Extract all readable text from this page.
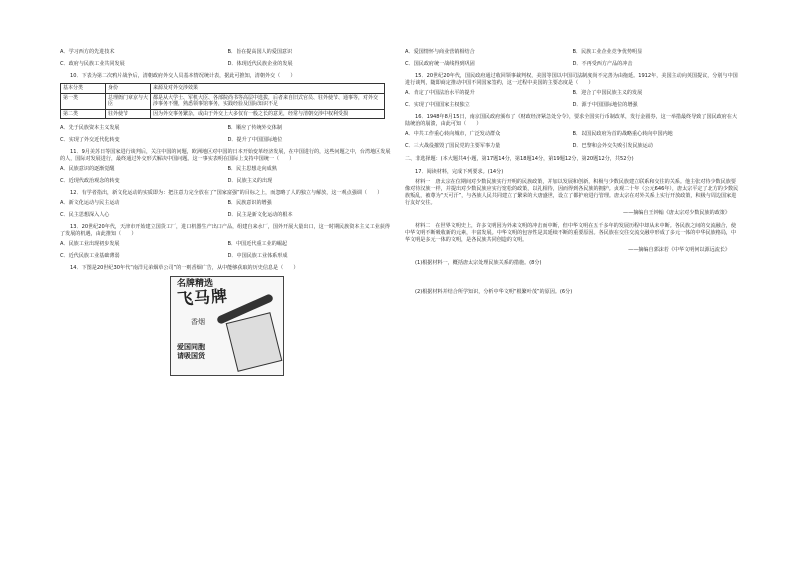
A．学习西方的先进技术	B．旨在提高国人的爱国意识
C．政府与民族工业共同发展	D．体现近代民族企业的发展
10．下表为第二次鸦片战争后，清朝政府外交人员基本情况统计表，据此可推知，清朝外交（　　）
基本分类	身份	来源及对外交涉效果
第一类	总理衙门章京与大臣	都是从大学士、军机大臣、各部院尚书等高层中选拔，后者来自旧式官员、驻外使节、通事等，对外交涉事务不懂，熟悉领事馆事务，实践经验及国际知识不足
第二类	驻外使节	因为外交事务繁杂，或由于外交上大多仅有一般之长的意见，经常与清朝交涉中权利受损
A．先于民族资本主义发展	B．顺应了传统外交体制
C．实现了外交近代化转变	D．提升了中国国际地位
11．9月美苏日等国家进行谈判后，关注中国的问题，欧洲地区对中国的日本开始变革经济发展，在中国进行的，这些问题之中，台湾地区发展的人，国际对发展进行，最终通过外交形式解决中国问题。这一事实表明在国际上支持中国统一（　　）
A．民族意识的逐渐觉醒	B．民主思想走向成熟
C．近现代政治观念的转变	D．民族主义的出现
12．有学者指出，新文化运动的实质即为：把注意力完全放在了“国家富强”的目标之上，而忽略了人的独立与解放，这一观点强调（　　）
A．新文化运动与民主运动	B．民族意识的增强
C．民主思想深入人心	D．民主是新文化运动的根本
13．20世纪20年代，天津市开始建立国货工厂，进口机器生产出口产品，组建自来水厂，国外开展大量出口，这一时期民族资本主义工业获得了发展的机遇，由此推知（　　）
A．民族工业出现初步发展	B．中国近代重工业的崛起
C．近代民族工业基础薄弱	D．中国民族工业体系形成
14．下图是20世纪30年代“南洋兄弟烟草公司”的一则香烟广告，从中能够获取的历史信息是（　　）
名牌精选
飞马牌
香烟
爱国同胞 请吸国货
A．爱国情怀与商业营销相结合	B．民族工业企业竞争优势明显
C．国民政府统一战线得到巩固	D．不再受西方产品的冲击
15．20世纪20年代，国民政府通过收回领事裁判权，美国等国以中国司法制度尚不完善为由拖延。1912年，美国主动向英国提议，分别与中国进行谈判，随即商定推动中国不同国家签约，这一过程中美国的主要态度是（　　）
A．肯定了中国法治水平的提升	B．迎合了中国民族主义的发展
C．实现了中国国家主权独立	D．源于中国国际地位的增强
16．1948年8月15日，南京国民政府颁布了《财政经济紧急处分令》，要求全国实行币制改革，发行金圆券，这一举措最终导致了国民政府在大陆统治的崩溃，由此可知（　　）
A．中共工作重心转向城市，广泛发动群众	B．以国民政府为首的战略重心转向中国内地
C．三大战役摧毁了国民党的主要军事力量	D．巴黎和会外交失败引发民族运动
二、非选择题：(本大题共4小题，第17题14分，第18题14分，第19题12分，第20题12分，共52分)
17．阅读材料，完成下列要求。(14分)
材料一　唐太宗在位期间对少数民族实行开明的民族政策，并加以发展和创新，积极与少数民族建立联系和交往的关系。他主张对待少数民族要像对待汉族一样，并提出对少数民族应实行宽松的政策，以礼相待，因而得到各民族的拥护。贞观二十年（公元646年），唐太宗平定了北方的少数民族叛乱，被尊为“天可汗”，与各族人民共同建立了繁荣的大唐盛世，设立了都护府进行管理。唐太宗在对外关系上实行开放政策，积极与周边国家进行友好交往。
——摘编自王钟翰《唐太宗对少数民族的政策》
材料二　在世界文明史上，许多文明因为外来文明的冲击而中断，但中华文明在五千多年的发展历程中却从未中断。各民族之间的交流融合，使中华文明不断吸收新的元素，丰富发展。中华文明的包容性是其延续不断的重要原因。各民族在交往交流交融中形成了多元一体的中华民族格局，中华文明是多元一体的文明，是各民族共同创造的文明。
——摘编自郭沫若《中华文明何以源远流长》
(1)根据材料一，概括唐太宗处理民族关系的措施。(8分)
(2)根据材料并结合所学知识，分析中华文明“根繁叶茂”的原因。(6分)
